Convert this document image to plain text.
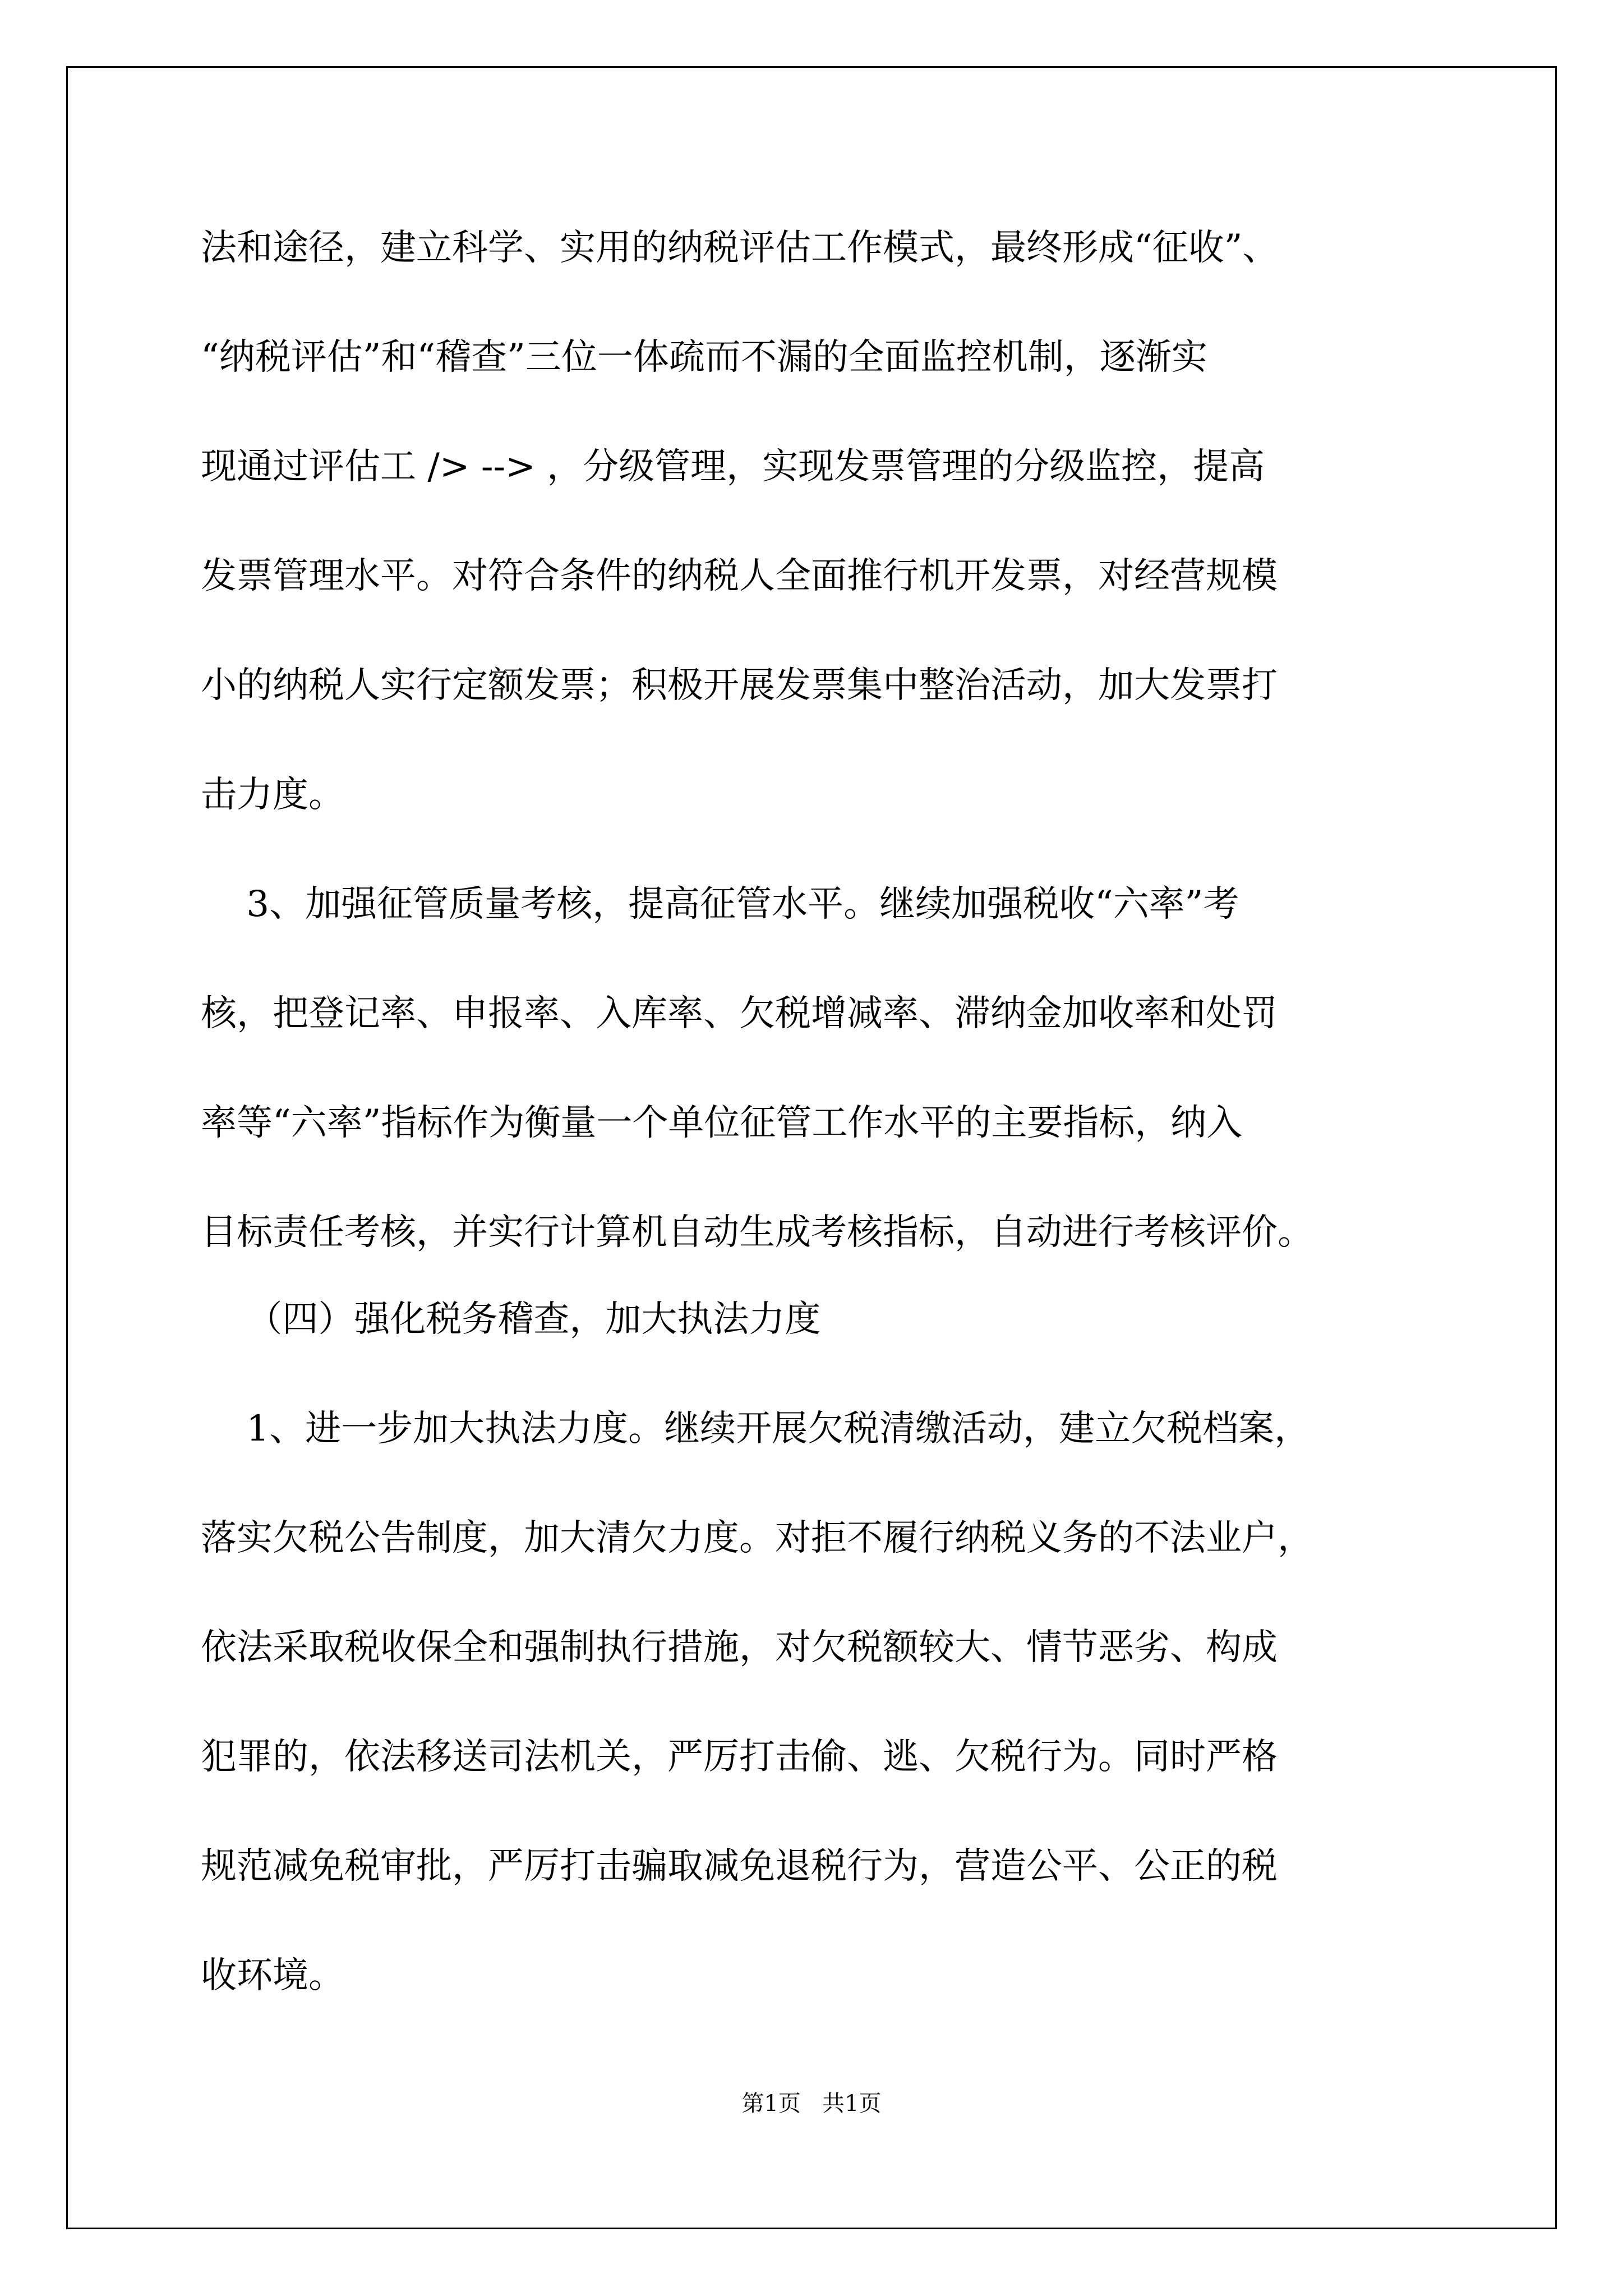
法和途径，建立科学、实用的纳税评估工作模式，最终形成“征收”、
“纳税评估”和“稽查”三位一体疏而不漏的全面监控机制，逐渐实
现通过评估工 /> --> ，分级管理，实现发票管理的分级监控，提高
发票管理水平。对符合条件的纳税人全面推行机开发票，对经营规模
小的纳税人实行定额发票；积极开展发票集中整治活动，加大发票打
击力度。
3、加强征管质量考核，提高征管水平。继续加强税收“六率”考
核，把登记率、申报率、入库率、欠税增减率、滞纳金加收率和处罚
率等“六率”指标作为衡量一个单位征管工作水平的主要指标，纳入
目标责任考核，并实行计算机自动生成考核指标，自动进行考核评价。
（四）强化税务稽查，加大执法力度
1、进一步加大执法力度。继续开展欠税清缴活动，建立欠税档案，
落实欠税公告制度，加大清欠力度。对拒不履行纳税义务的不法业户，
依法采取税收保全和强制执行措施，对欠税额较大、情节恶劣、构成
犯罪的，依法移送司法机关，严厉打击偷、逃、欠税行为。同时严格
规范减免税审批，严厉打击骗取减免退税行为，营造公平、公正的税
收环境。
第1页   共1页
